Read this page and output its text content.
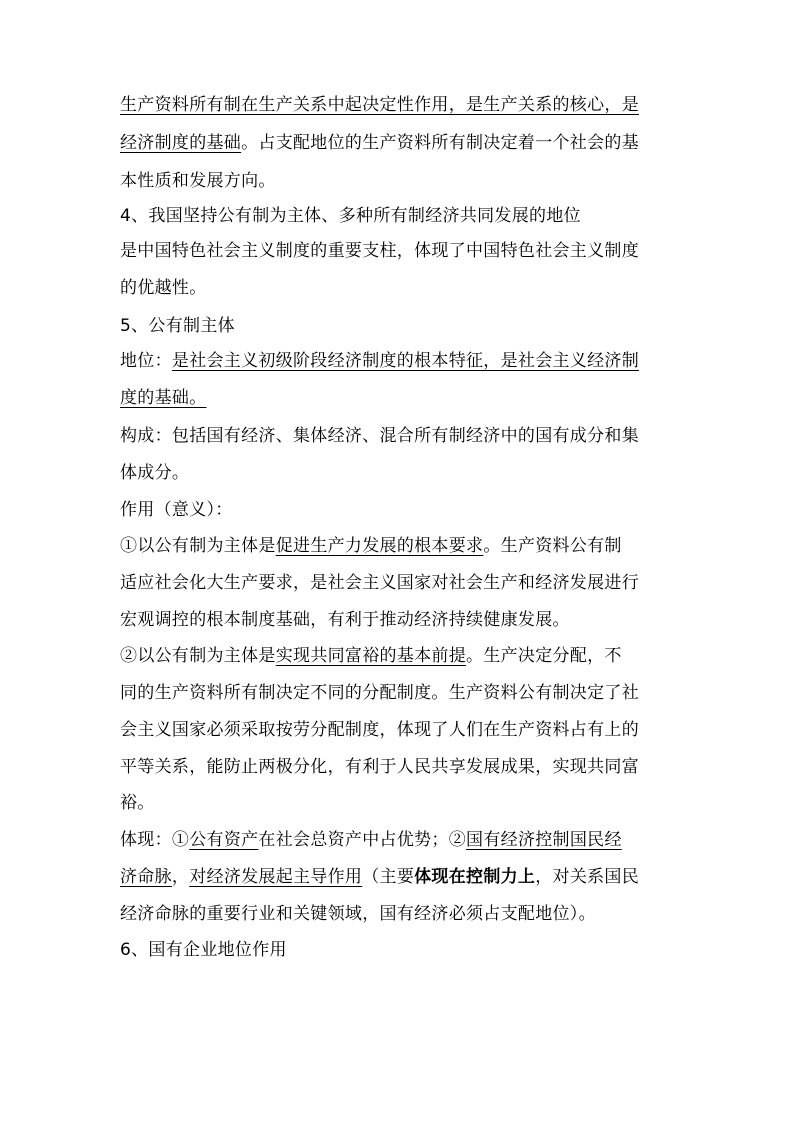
生产资料所有制在生产关系中起决定性作用，是生产关系的核心，是
经济制度的基础。占支配地位的生产资料所有制决定着一个社会的基
本性质和发展方向。
4、我国坚持公有制为主体、多种所有制经济共同发展的地位
是中国特色社会主义制度的重要支柱，体现了中国特色社会主义制度
的优越性。
5、公有制主体
地位：是社会主义初级阶段经济制度的根本特征，是社会主义经济制
度的基础。
构成：包括国有经济、集体经济、混合所有制经济中的国有成分和集
体成分。
作用（意义）：
①以公有制为主体是促进生产力发展的根本要求。生产资料公有制
适应社会化大生产要求，是社会主义国家对社会生产和经济发展进行
宏观调控的根本制度基础，有利于推动经济持续健康发展。
②以公有制为主体是实现共同富裕的基本前提。生产决定分配，不
同的生产资料所有制决定不同的分配制度。生产资料公有制决定了社
会主义国家必须采取按劳分配制度，体现了人们在生产资料占有上的
平等关系，能防止两极分化，有利于人民共享发展成果，实现共同富
裕。
体现：①公有资产在社会总资产中占优势；②国有经济控制国民经
济命脉，对经济发展起主导作用（主要体现在控制力上，对关系国民
经济命脉的重要行业和关键领域，国有经济必须占支配地位）。
6、国有企业地位作用
